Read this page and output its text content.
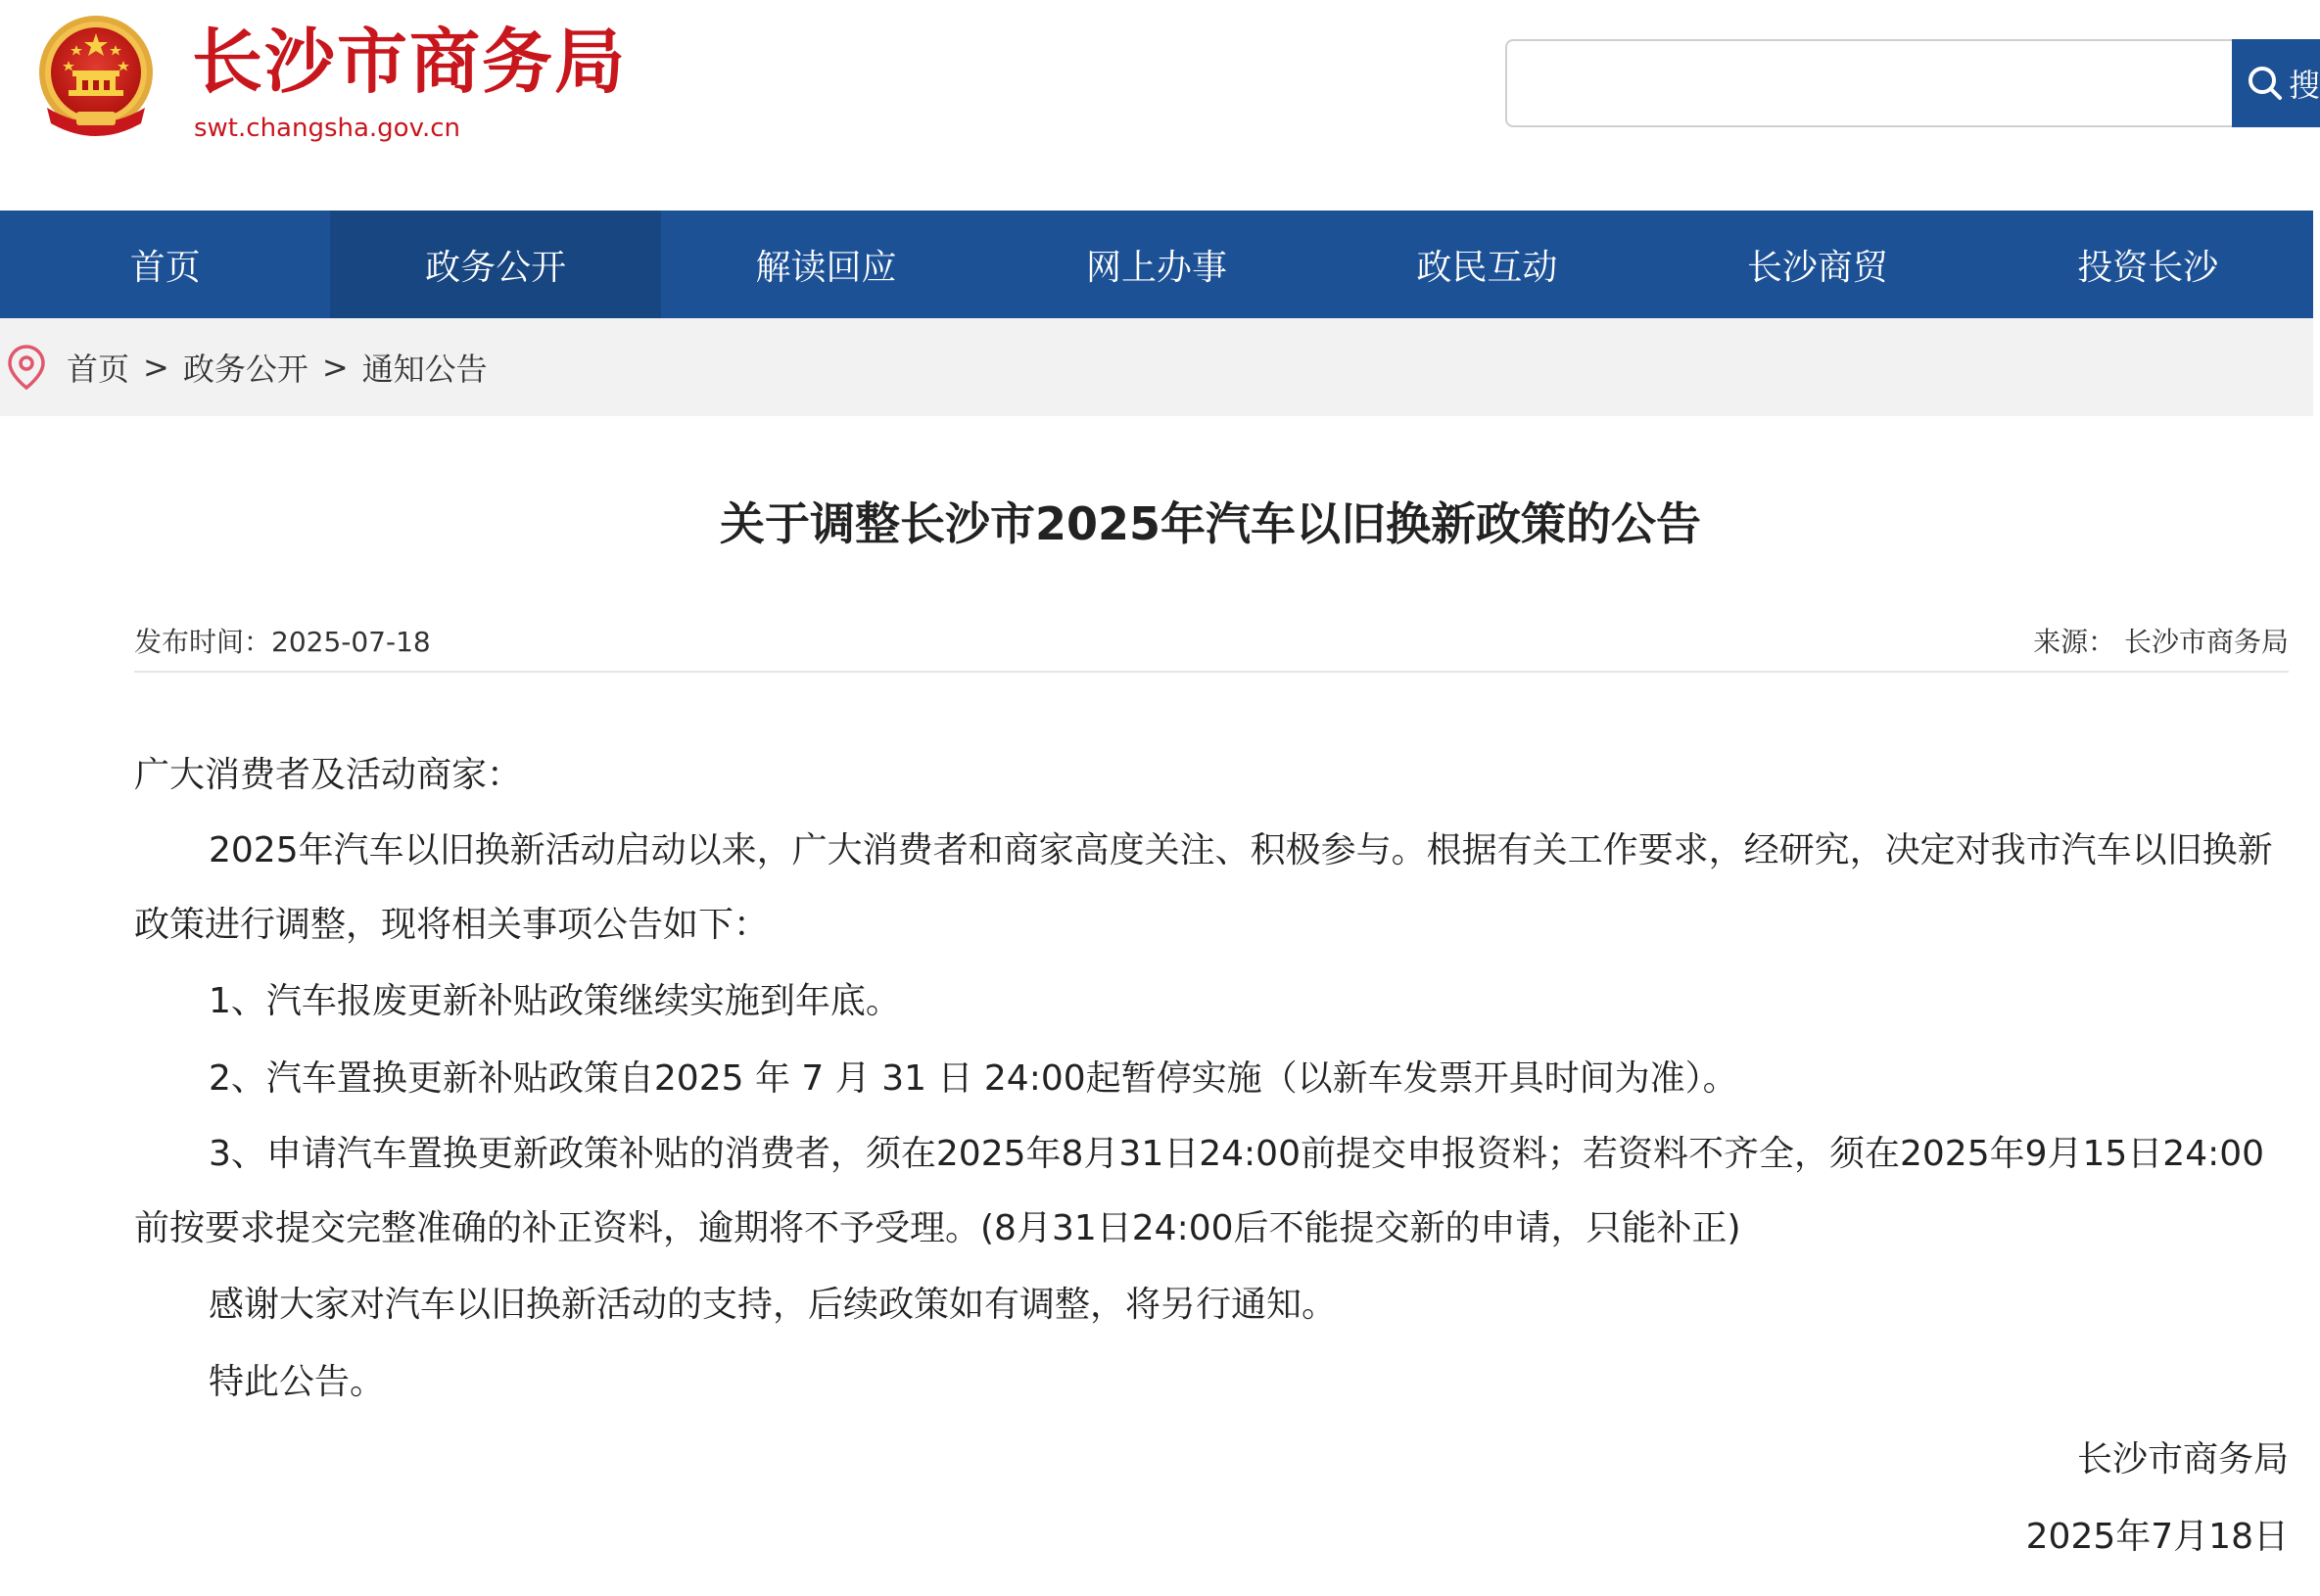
长沙市商务局
swt.changsha.gov.cn
搜
首页	政务公开	解读回应	网上办事	政民互动	长沙商贸	投资长沙
首页 > 政务公开 > 通知公告
关于调整长沙市2025年汽车以旧换新政策的公告
发布时间：2025-07-18	来源： 长沙市商务局

广大消费者及活动商家：

2025年汽车以旧换新活动启动以来，广大消费者和商家高度关注、积极参与。根据有关工作要求，经研究，决定对我市汽车以旧换新政策进行调整，现将相关事项公告如下：

1、汽车报废更新补贴政策继续实施到年底。

2、汽车置换更新补贴政策自2025 年 7 月 31 日 24:00起暂停实施（以新车发票开具时间为准）。

3、申请汽车置换更新政策补贴的消费者，须在2025年8月31日24:00前提交申报资料；若资料不齐全，须在2025年9月15日24:00前按要求提交完整准确的补正资料，逾期将不予受理。(8月31日24:00后不能提交新的申请，只能补正)

感谢大家对汽车以旧换新活动的支持，后续政策如有调整，将另行通知。

特此公告。

长沙市商务局

2025年7月18日
